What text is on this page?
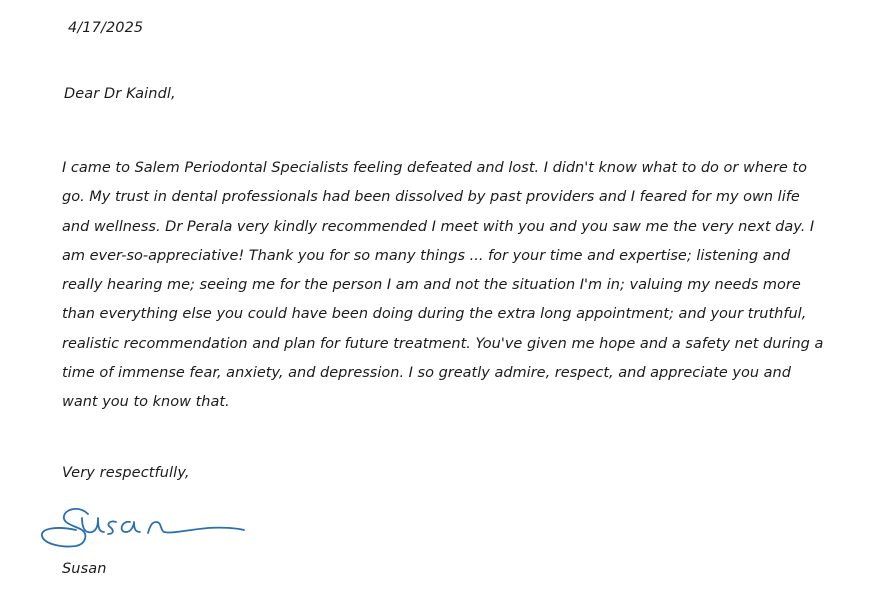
4/17/2025
Dear Dr Kaindl,
I came to Salem Periodontal Specialists feeling defeated and lost. I didn't know what to do or where to
go. My trust in dental professionals had been dissolved by past providers and I feared for my own life
and wellness. Dr Perala very kindly recommended I meet with you and you saw me the very next day. I
am ever-so-appreciative! Thank you for so many things ... for your time and expertise; listening and
really hearing me; seeing me for the person I am and not the situation I'm in; valuing my needs more
than everything else you could have been doing during the extra long appointment; and your truthful,
realistic recommendation and plan for future treatment. You've given me hope and a safety net during a
time of immense fear, anxiety, and depression. I so greatly admire, respect, and appreciate you and
want you to know that.
Very respectfully,
Susan
